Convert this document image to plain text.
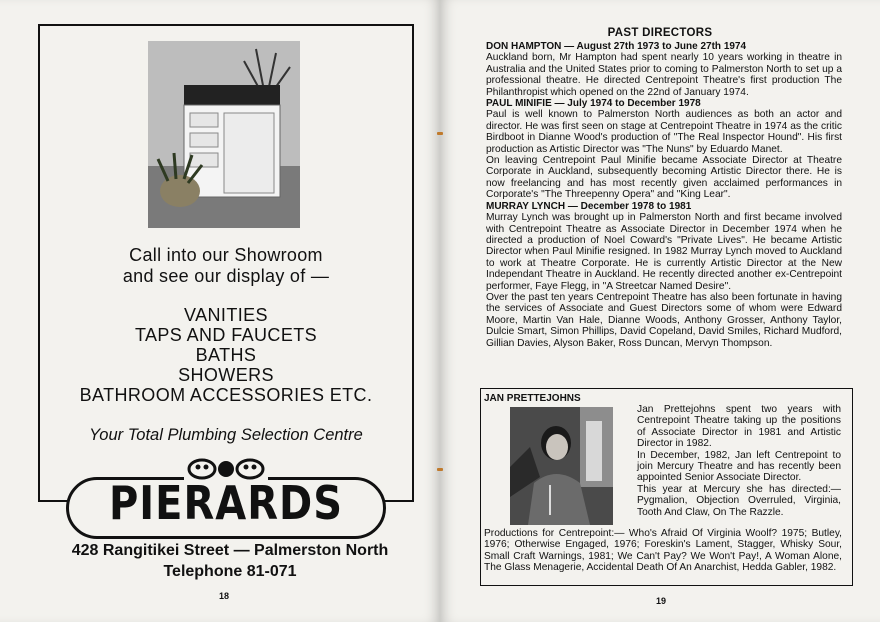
Call into our Showroom
and see our display of —
VANITIES
TAPS AND FAUCETS
BATHS
SHOWERS
BATHROOM ACCESSORIES ETC.
Your Total Plumbing Selection Centre
PIERARDS
428 Rangitikei Street — Palmerston North
Telephone 81-071
18
PAST DIRECTORS

DON HAMPTON — August 27th 1973 to June 27th 1974

Auckland born, Mr Hampton had spent nearly 10 years working in theatre in Australia and the United States prior to coming to Palmerston North to set up a professional theatre. He directed Centrepoint Theatre's first production The Philanthropist which opened on the 22nd of January 1974.

PAUL MINIFIE — July 1974 to December 1978

Paul is well known to Palmerston North audiences as both an actor and director. He was first seen on stage at Centrepoint Theatre in 1974 as the critic Birdboot in Dianne Wood's production of "The Real Inspector Hound". His first production as Artistic Director was "The Nuns" by Eduardo Manet.

On leaving Centrepoint Paul Minifie became Associate Director at Theatre Corporate in Auckland, subsequently becoming Artistic Director there. He is now freelancing and has most recently given acclaimed performances in Corporate's "The Threepenny Opera" and "King Lear".

MURRAY LYNCH — December 1978 to 1981

Murray Lynch was brought up in Palmerston North and first became involved with Centrepoint Theatre as Associate Director in December 1974 when he directed a production of Noel Coward's "Private Lives". He became Artistic Director when Paul Minifie resigned. In 1982 Murray Lynch moved to Auckland to work at Theatre Corporate. He is currently Artistic Director at the New Independant Theatre in Auckland. He recently directed another ex-Centrepoint performer, Faye Flegg, in "A Streetcar Named Desire".

Over the past ten years Centrepoint Theatre has also been fortunate in having the services of Associate and Guest Directors some of whom were Edward Moore, Martin Van Hale, Dianne Woods, Anthony Grosser, Anthony Taylor, Dulcie Smart, Simon Phillips, David Copeland, David Smiles, Richard Mudford, Gillian Davies, Alyson Baker, Ross Duncan, Mervyn Thompson.

JAN PRETTEJOHNS

Jan Prettejohns spent two years with Centrepoint Theatre taking up the positions of Associate Director in 1981 and Artistic Director in 1982.

In December, 1982, Jan left Centrepoint to join Mercury Theatre and has recently been appointed Senior Associate Director.

This year at Mercury she has directed:— Pygmalion, Objection Overruled, Virginia, Tooth And Claw, On The Razzle.

Productions for Centrepoint:— Who's Afraid Of Virginia Woolf? 1975; Butley, 1976; Otherwise Engaged, 1976; Foreskin's Lament, Stagger, Whisky Sour, Small Craft Warnings, 1981; We Can't Pay? We Won't Pay!, A Woman Alone, The Glass Menagerie, Accidental Death Of An Anarchist, Hedda Gabler, 1982.
19
